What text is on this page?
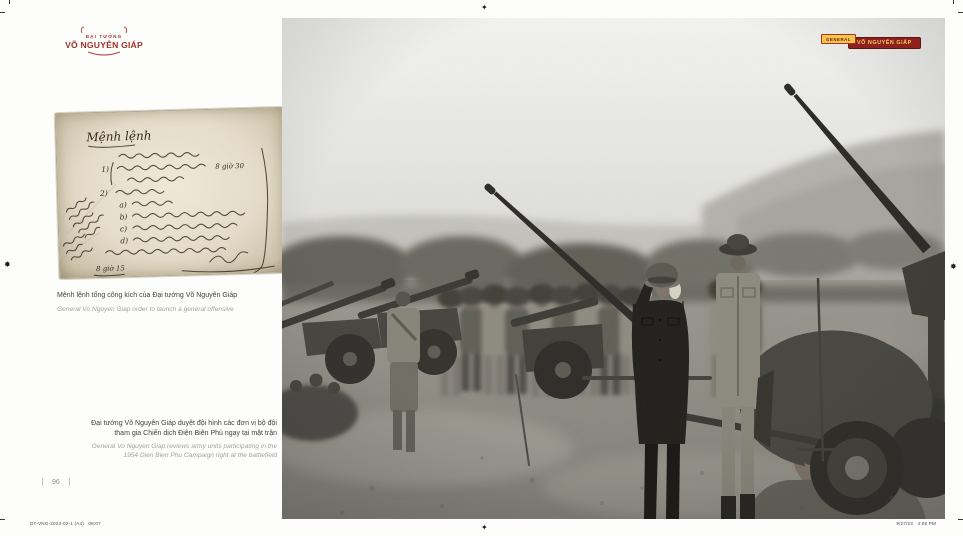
✦
✦
✸	✸
ĐẠI TƯỚNG
VÕ NGUYÊN GIÁP
Mệnh lệnh
1)
2)
a)
b)
c)
d)
8 giờ 30
8 giờ 15
Mệnh lệnh tổng công kích của Đại tướng Võ Nguyên Giáp
General Vo Nguyen Giap order to launch a general offensive
Đại tướng Võ Nguyên Giáp duyệt đội hình các đơn vị bộ đội tham gia Chiến dịch Điện Biên Phủ ngay tại mặt trận
General Vo Nguyen Giap reviews army units participating in the 1954 Dien Bien Phu Campaign right at the battlefield
96
DT-VNG-2023-02-1 (A4)   08:07	9/27/23   4:08 PM
VÕ NGUYÊN GIÁP
GENERAL
